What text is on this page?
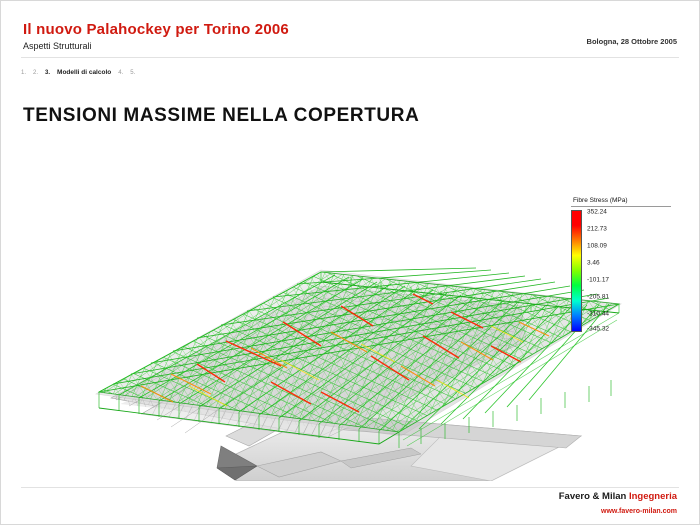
Il nuovo Palahockey per Torino 2006
Aspetti Strutturali	Bologna, 28 Ottobre 2005
1. 2. 3. Modelli di calcolo 4. 5.
TENSIONI MASSIME NELLA COPERTURA
Fibre Stress (MPa)
352.24
212.73
108.09
3.46
-101.17
-205.81
-310.44
-345.32
Favero & Milan Ingegneria
www.favero-milan.com
